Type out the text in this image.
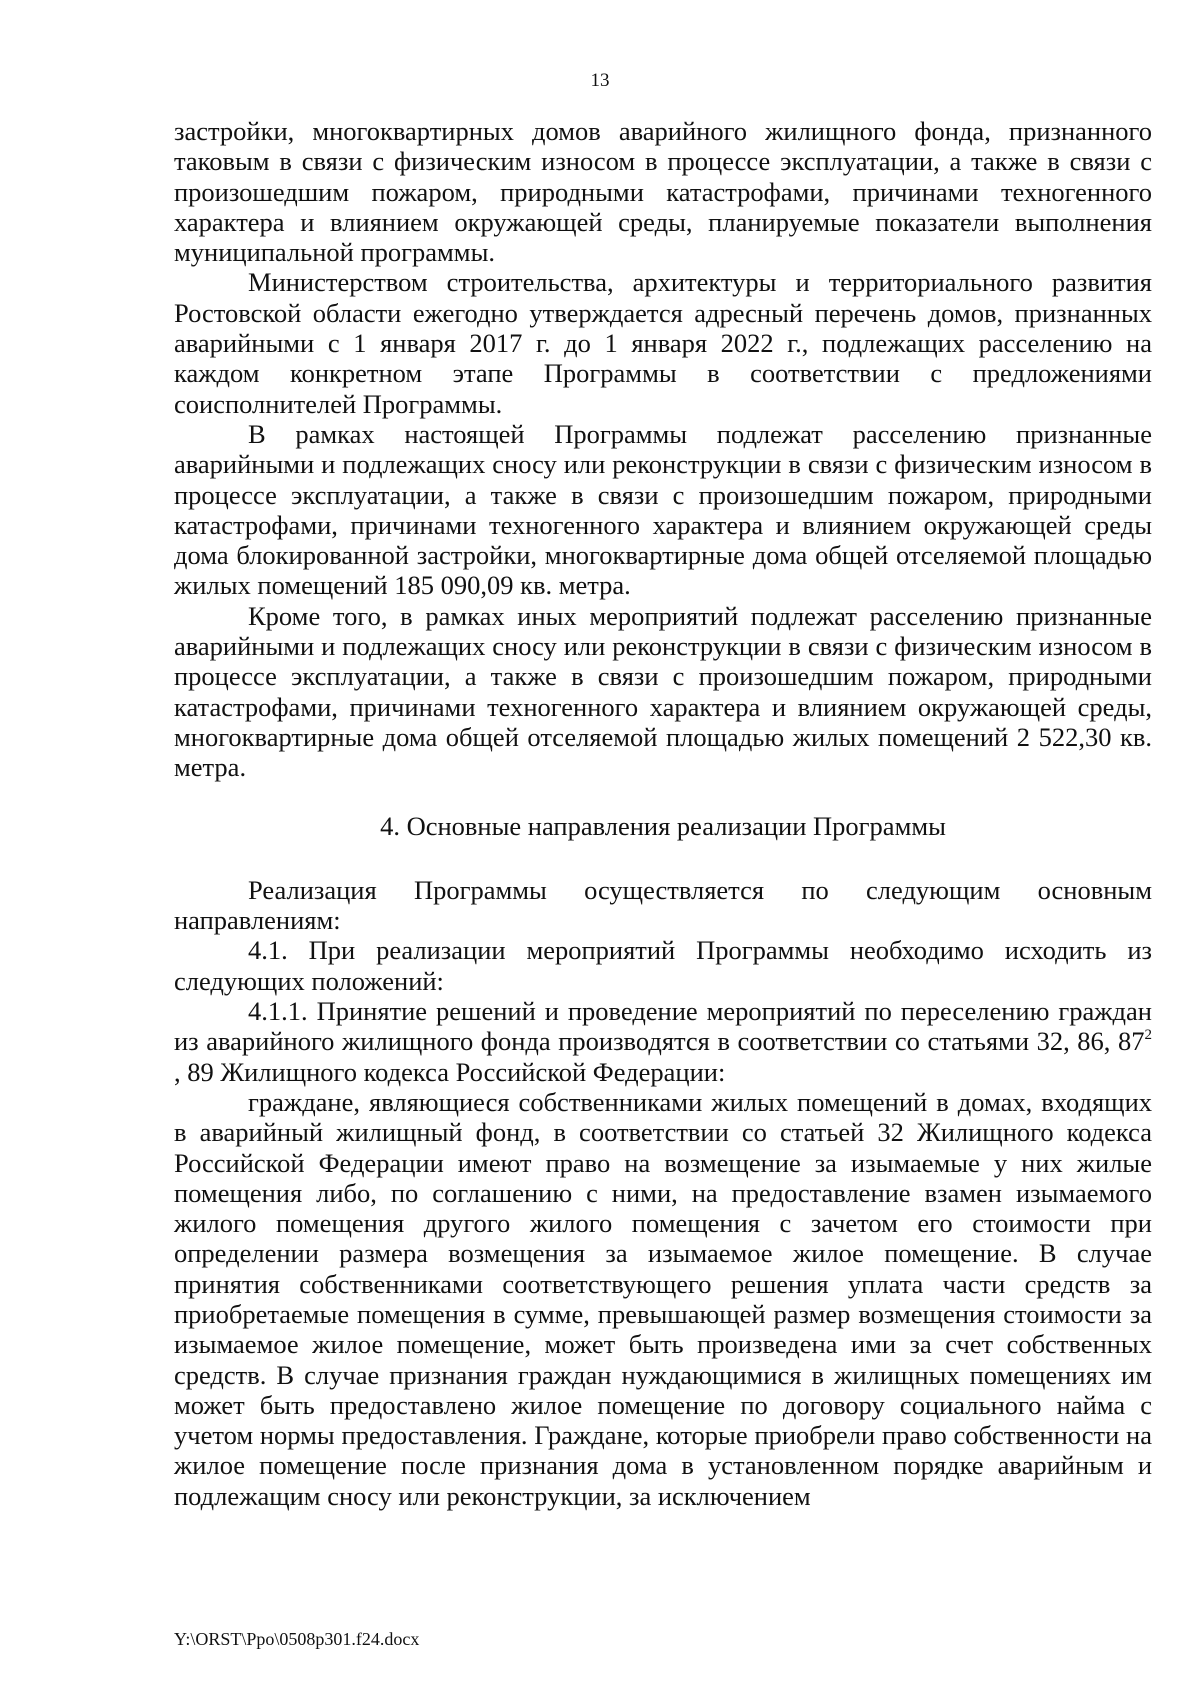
13

застройки, многоквартирных домов аварийного жилищного фонда, признанного таковым в связи с физическим износом в процессе эксплуатации, а также в связи с произошедшим пожаром, природными катастрофами, причинами техногенного характера и влиянием окружающей среды, планируемые показатели выполнения муниципальной программы.

Министерством строительства, архитектуры и территориального развития Ростовской области ежегодно утверждается адресный перечень домов, признанных аварийными с 1 января 2017 г. до 1 января 2022 г., подлежащих расселению на каждом конкретном этапе Программы в соответствии с предложениями соисполнителей Программы.

В рамках настоящей Программы подлежат расселению признанные аварийными и подлежащих сносу или реконструкции в связи с физическим износом в процессе эксплуатации, а также в связи с произошедшим пожаром, природными катастрофами, причинами техногенного характера и влиянием окружающей среды дома блокированной застройки, многоквартирные дома общей отселяемой площадью жилых помещений 185 090,09 кв. метра.

Кроме того, в рамках иных мероприятий подлежат расселению признанные аварийными и подлежащих сносу или реконструкции в связи с физическим износом в процессе эксплуатации, а также в связи с произошедшим пожаром, природными катастрофами, причинами техногенного характера и влиянием окружающей среды, многоквартирные дома общей отселяемой площадью жилых помещений 2 522,30 кв. метра.

4. Основные направления реализации Программы

Реализация Программы осуществляется по следующим основным направлениям:

4.1. При реализации мероприятий Программы необходимо исходить из следующих положений:

4.1.1. Принятие решений и проведение мероприятий по переселению граждан из аварийного жилищного фонда производятся в соответствии со статьями 32, 86, $87^2$ , 89 Жилищного кодекса Российской Федерации:

граждане, являющиеся собственниками жилых помещений в домах, входящих в аварийный жилищный фонд, в соответствии со статьей 32 Жилищного кодекса Российской Федерации имеют право на возмещение за изымаемые у них жилые помещения либо, по соглашению с ними, на предоставление взамен изымаемого жилого помещения другого жилого помещения с зачетом его стоимости при определении размера возмещения за изымаемое жилое помещение. В случае принятия собственниками соответствующего решения уплата части средств за приобретаемые помещения в сумме, превышающей размер возмещения стоимости за изымаемое жилое помещение, может быть произведена ими за счет собственных средств. В случае признания граждан нуждающимися в жилищных помещениях им может быть предоставлено жилое помещение по договору социального найма с учетом нормы предоставления. Граждане, которые приобрели право собственности на жилое помещение после признания дома в установленном порядке аварийным и подлежащим сносу или реконструкции, за исключением

Y:\ORST\Ppo\0508p301.f24.docx
